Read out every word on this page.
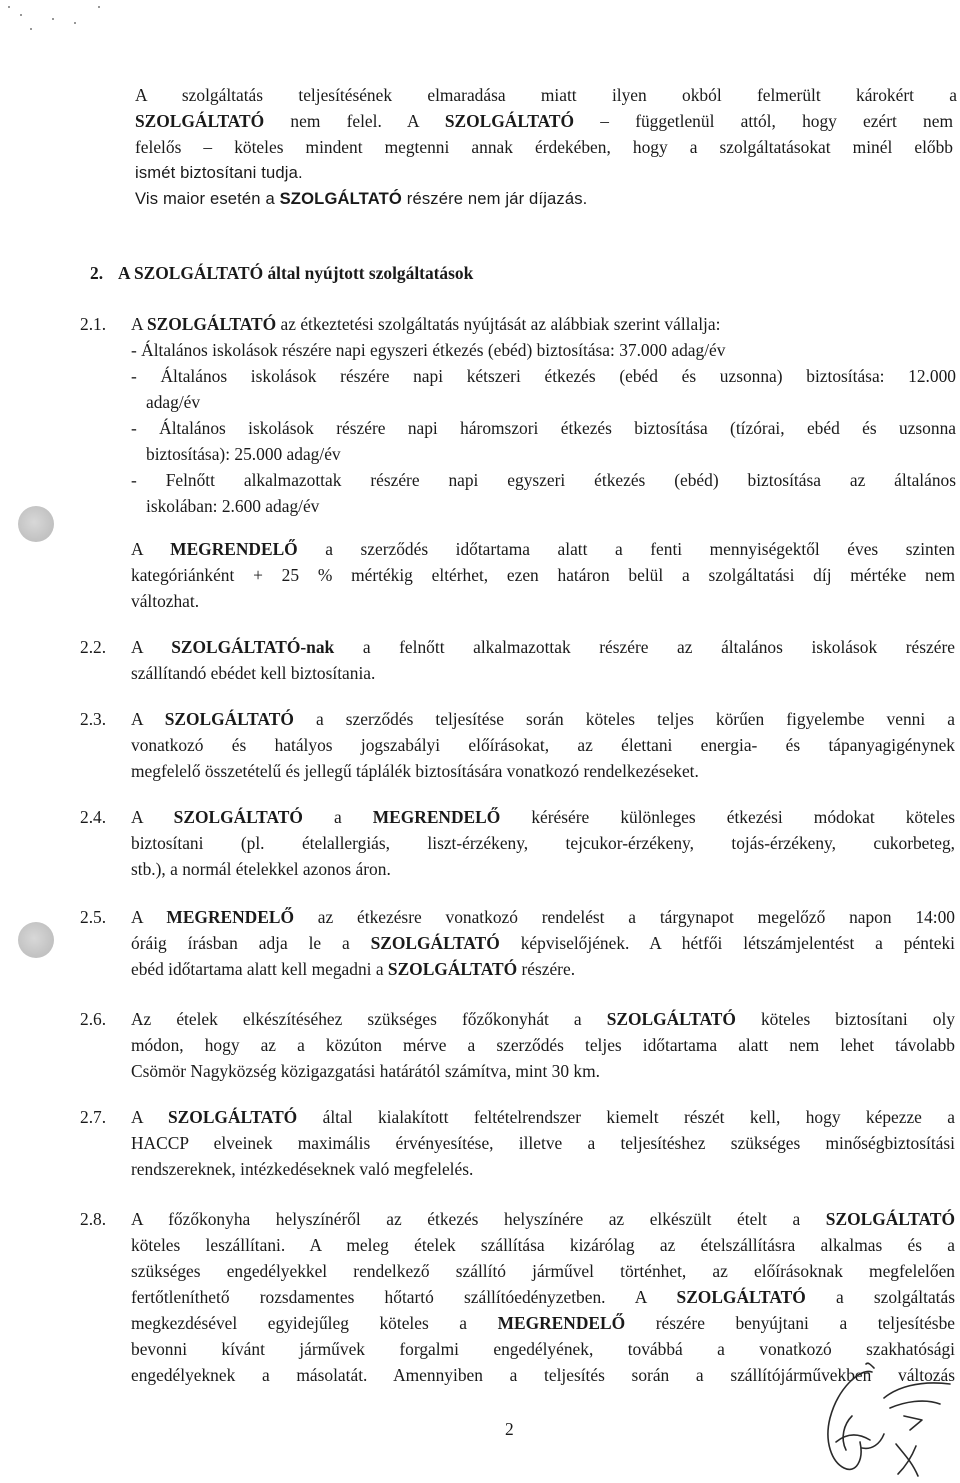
A szolgáltatás teljesítésének elmaradása miatt ilyen okból felmerült károkért a
SZOLGÁLTATÓ nem felel. A SZOLGÁLTATÓ – függetlenül attól, hogy ezért nem
felelős – köteles mindent megtenni annak érdekében, hogy a szolgáltatásokat minél előbb
ismét biztosítani tudja.
Vis maior esetén a SZOLGÁLTATÓ részére nem jár díjazás.
2. A SZOLGÁLTATÓ által nyújtott szolgáltatások
2.1. A SZOLGÁLTATÓ az étkeztetési szolgáltatás nyújtását az alábbiak szerint vállalja:
- Általános iskolások részére napi egyszeri étkezés (ebéd) biztosítása: 37.000 adag/év
- Általános iskolások részére napi kétszeri étkezés (ebéd és uzsonna) biztosítása: 12.000
adag/év
- Általános iskolások részére napi háromszori étkezés biztosítása (tízórai, ebéd és uzsonna
biztosítása): 25.000 adag/év
- Felnőtt alkalmazottak részére napi egyszeri étkezés (ebéd) biztosítása az általános
iskolában: 2.600 adag/év
A MEGRENDELŐ a szerződés időtartama alatt a fenti mennyiségektől éves szinten
kategóriánként + 25 % mértékig eltérhet, ezen határon belül a szolgáltatási díj mértéke nem
változhat.
2.2. A SZOLGÁLTATÓ-nak a felnőtt alkalmazottak részére az általános iskolások részére
szállítandó ebédet kell biztosítania.
2.3. A SZOLGÁLTATÓ a szerződés teljesítése során köteles teljes körűen figyelembe venni a
vonatkozó és hatályos jogszabályi előírásokat, az élettani energia- és tápanyagigénynek
megfelelő összetételű és jellegű táplálék biztosítására vonatkozó rendelkezéseket.
2.4. A SZOLGÁLTATÓ a MEGRENDELŐ kérésére különleges étkezési módokat köteles
biztosítani (pl. ételallergiás, liszt-érzékeny, tejcukor-érzékeny, tojás-érzékeny, cukorbeteg,
stb.), a normál ételekkel azonos áron.
2.5. A MEGRENDELŐ az étkezésre vonatkozó rendelést a tárgynapot megelőző napon 14:00
óráig írásban adja le a SZOLGÁLTATÓ képviselőjének. A hétfői létszámjelentést a pénteki
ebéd időtartama alatt kell megadni a SZOLGÁLTATÓ részére.
2.6. Az ételek elkészítéséhez szükséges főzőkonyhát a SZOLGÁLTATÓ köteles biztosítani oly
módon, hogy az a közúton mérve a szerződés teljes időtartama alatt nem lehet távolabb
Csömör Nagyközség közigazgatási határától számítva, mint 30 km.
2.7. A SZOLGÁLTATÓ által kialakított feltételrendszer kiemelt részét kell, hogy képezze a
HACCP elveinek maximális érvényesítése, illetve a teljesítéshez szükséges minőségbiztosítási
rendszereknek, intézkedéseknek való megfelelés.
2.8. A főzőkonyha helyszínéről az étkezés helyszínére az elkészült ételt a SZOLGÁLTATÓ
köteles leszállítani. A meleg ételek szállítása kizárólag az ételszállításra alkalmas és a
szükséges engedélyekkel rendelkező szállító járművel történhet, az előírásoknak megfelelően
fertőtleníthető rozsdamentes hőtartó szállítóedényzetben. A SZOLGÁLTATÓ a szolgáltatás
megkezdésével egyidejűleg köteles a MEGRENDELŐ részére benyújtani a teljesítésbe
bevonni kívánt járművek forgalmi engedélyének, továbbá a vonatkozó szakhatósági
engedélyeknek a másolatát. Amennyiben a teljesítés során a szállítójárművekben változás
2
